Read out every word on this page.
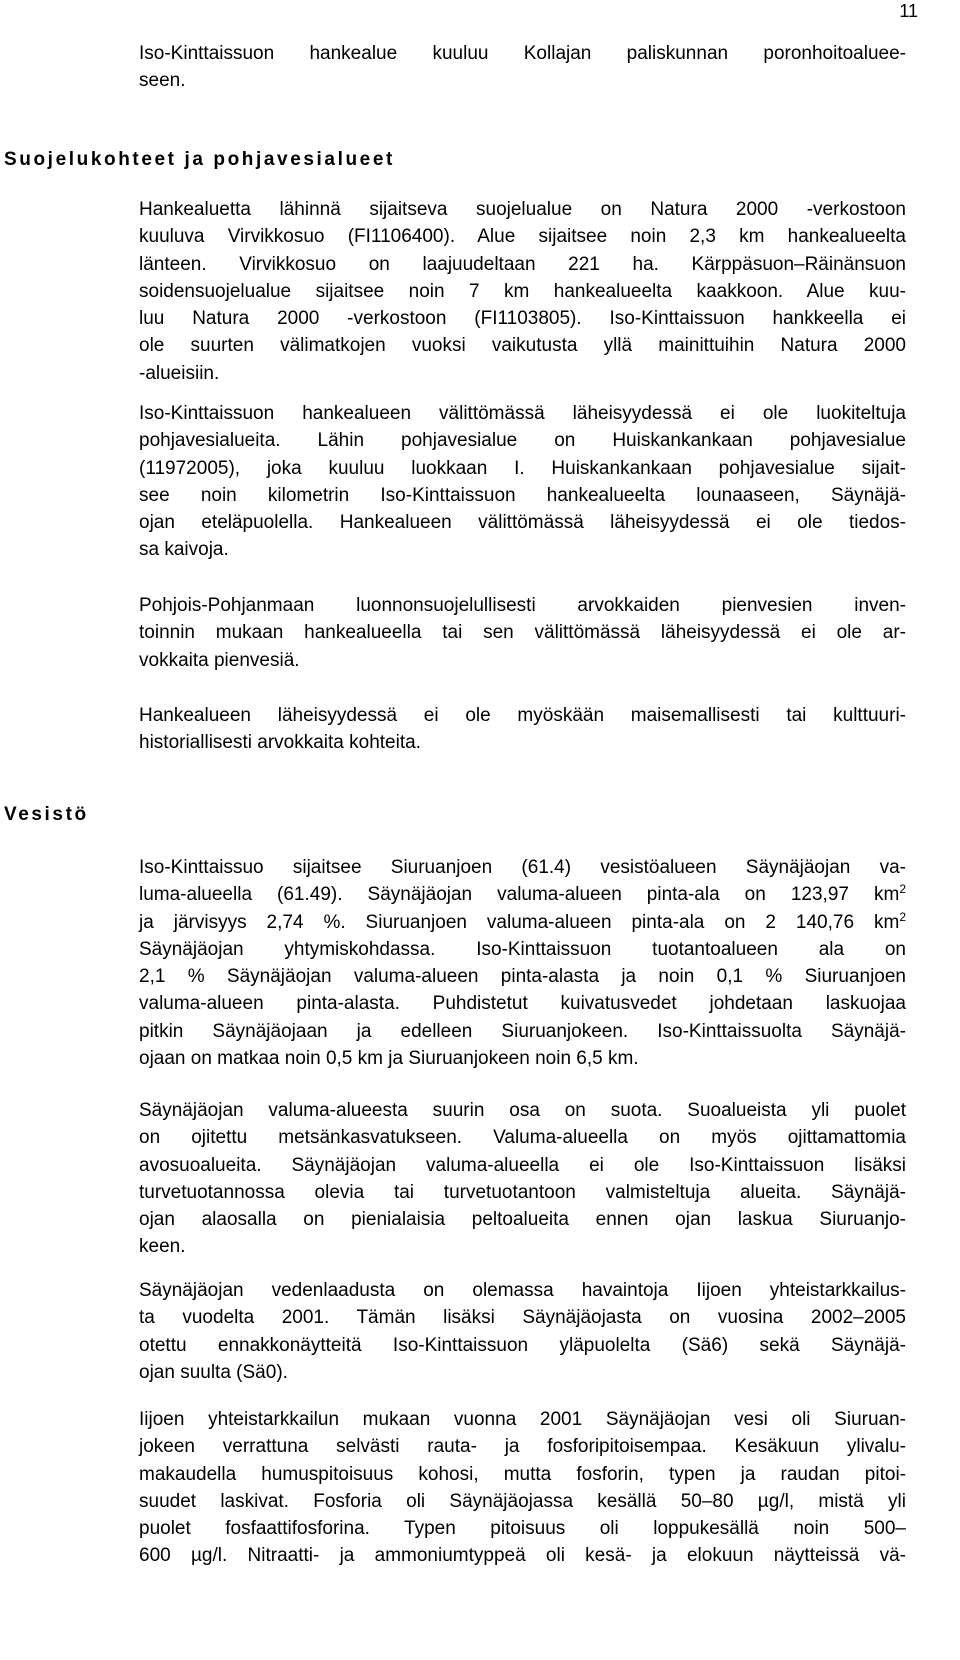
11
Iso-Kinttaissuon hankealue kuuluu Kollajan paliskunnan poronhoitoaluee-
seen.
Suojelukohteet ja pohjavesialueet
Hankealuetta lähinnä sijaitseva suojelualue on Natura 2000 -verkostoon
kuuluva Virvikkosuo (FI1106400). Alue sijaitsee noin 2,3 km hankealueelta
länteen. Virvikkosuo on laajuudeltaan 221 ha. Kärppäsuon–Räinänsuon
soidensuojelualue sijaitsee noin 7 km hankealueelta kaakkoon. Alue kuu-
luu Natura 2000 -verkostoon (FI1103805). Iso-Kinttaissuon hankkeella ei
ole suurten välimatkojen vuoksi vaikutusta yllä mainittuihin Natura 2000
-alueisiin.
Iso-Kinttaissuon hankealueen välittömässä läheisyydessä ei ole luokiteltuja
pohjavesialueita. Lähin pohjavesialue on Huiskankankaan pohjavesialue
(11972005), joka kuuluu luokkaan I. Huiskankankaan pohjavesialue sijait-
see noin kilometrin Iso-Kinttaissuon hankealueelta lounaaseen, Säynäjä-
ojan eteläpuolella. Hankealueen välittömässä läheisyydessä ei ole tiedos-
sa kaivoja.
Pohjois-Pohjanmaan luonnonsuojelullisesti arvokkaiden pienvesien inven-
toinnin mukaan hankealueella tai sen välittömässä läheisyydessä ei ole ar-
vokkaita pienvesiä.
Hankealueen läheisyydessä ei ole myöskään maisemallisesti tai kulttuuri-
historiallisesti arvokkaita kohteita.
Vesistö
Iso-Kinttaissuo sijaitsee Siuruanjoen (61.4) vesistöalueen Säynäjäojan va-
luma-alueella (61.49). Säynäjäojan valuma-alueen pinta-ala on 123,97 $km^2$
ja järvisyys 2,74 %. Siuruanjoen valuma-alueen pinta-ala on 2 140,76 $km^2$
Säynäjäojan yhtymiskohdassa. Iso-Kinttaissuon tuotantoalueen ala on
2,1 % Säynäjäojan valuma-alueen pinta-alasta ja noin 0,1 % Siuruanjoen
valuma-alueen pinta-alasta. Puhdistetut kuivatusvedet johdetaan laskuojaa
pitkin Säynäjäojaan ja edelleen Siuruanjokeen. Iso-Kinttaissuolta Säynäjä-
ojaan on matkaa noin 0,5 km ja Siuruanjokeen noin 6,5 km.
Säynäjäojan valuma-alueesta suurin osa on suota. Suoalueista yli puolet
on ojitettu metsänkasvatukseen. Valuma-alueella on myös ojittamattomia
avosuoalueita. Säynäjäojan valuma-alueella ei ole Iso-Kinttaissuon lisäksi
turvetuotannossa olevia tai turvetuotantoon valmisteltuja alueita. Säynäjä-
ojan alaosalla on pienialaisia peltoalueita ennen ojan laskua Siuruanjo-
keen.
Säynäjäojan vedenlaadusta on olemassa havaintoja Iijoen yhteistarkkailus-
ta vuodelta 2001. Tämän lisäksi Säynäjäojasta on vuosina 2002–2005
otettu ennakkonäytteitä Iso-Kinttaissuon yläpuolelta (Sä6) sekä Säynäjä-
ojan suulta (Sä0).
Iijoen yhteistarkkailun mukaan vuonna 2001 Säynäjäojan vesi oli Siuruan-
jokeen verrattuna selvästi rauta- ja fosforipitoisempaa. Kesäkuun ylivalu-
makaudella humuspitoisuus kohosi, mutta fosforin, typen ja raudan pitoi-
suudet laskivat. Fosforia oli Säynäjäojassa kesällä 50–80 µg/l, mistä yli
puolet fosfaattifosforina. Typen pitoisuus oli loppukesällä noin 500–
600 µg/l. Nitraatti- ja ammoniumtyppeä oli kesä- ja elokuun näytteissä vä-
